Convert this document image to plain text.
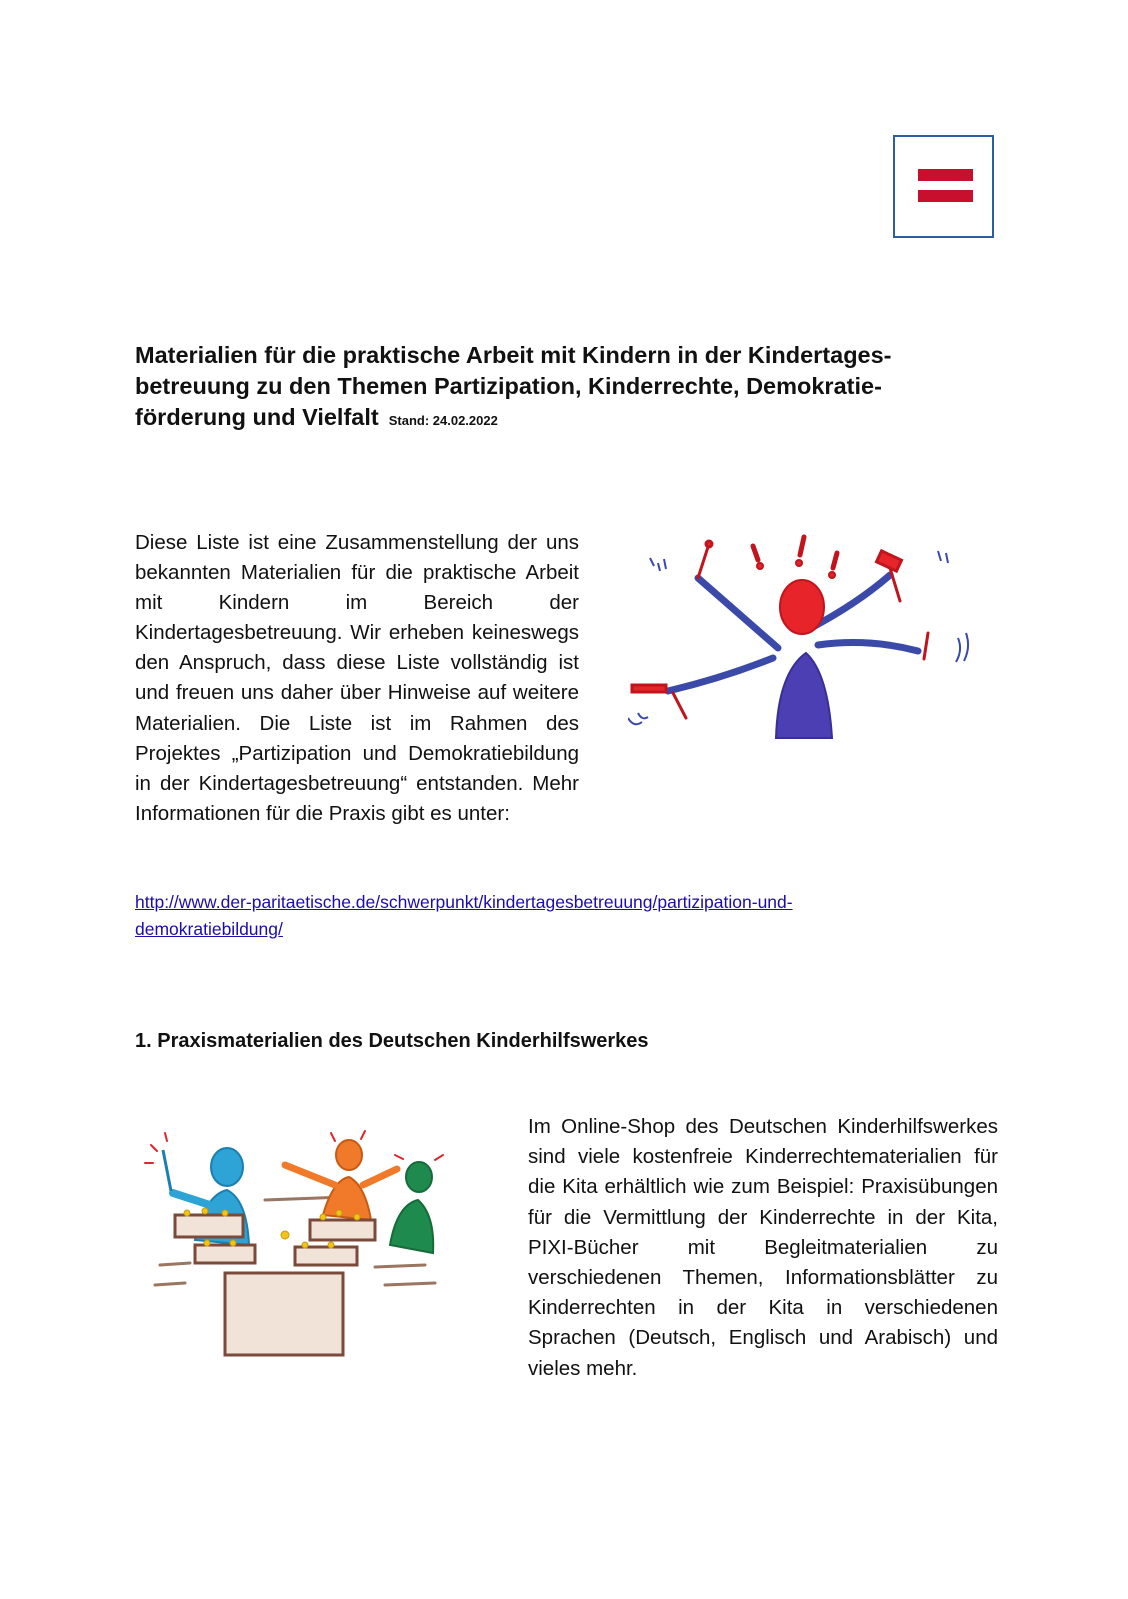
Materialien für die praktische Arbeit mit Kindern in der Kindertages-
betreuung zu den Themen Partizipation, Kinderrechte, Demokratie-
förderung und Vielfalt Stand: 24.02.2022

Diese Liste ist eine Zusammenstellung der uns bekannten Materialien für die praktische Arbeit mit Kindern im Bereich der Kindertagesbetreuung. Wir erheben keineswegs den Anspruch, dass diese Liste vollständig ist und freuen uns daher über Hinweise auf weitere Materialien. Die Liste ist im Rahmen des Projektes „Partizipation und Demokratiebildung in der Kindertagesbetreuung“ entstanden. Mehr Informationen für die Praxis gibt es unter:

http://www.der-paritaetische.de/schwerpunkt/kindertagesbetreuung/partizipation-und-
demokratiebildung/
1. Praxismaterialien des Deutschen Kinderhilfswerkes

Im Online-Shop des Deutschen Kinderhilfswerkes sind viele kostenfreie Kinderrechtematerialien für die Kita erhältlich wie zum Beispiel: Praxisübungen für die Vermittlung der Kinderrechte in der Kita, PIXI-Bücher mit Begleitmaterialien zu verschiedenen Themen, Informationsblätter zu Kinderrechten in der Kita in verschiedenen Sprachen (Deutsch, Englisch und Arabisch) und vieles mehr.
